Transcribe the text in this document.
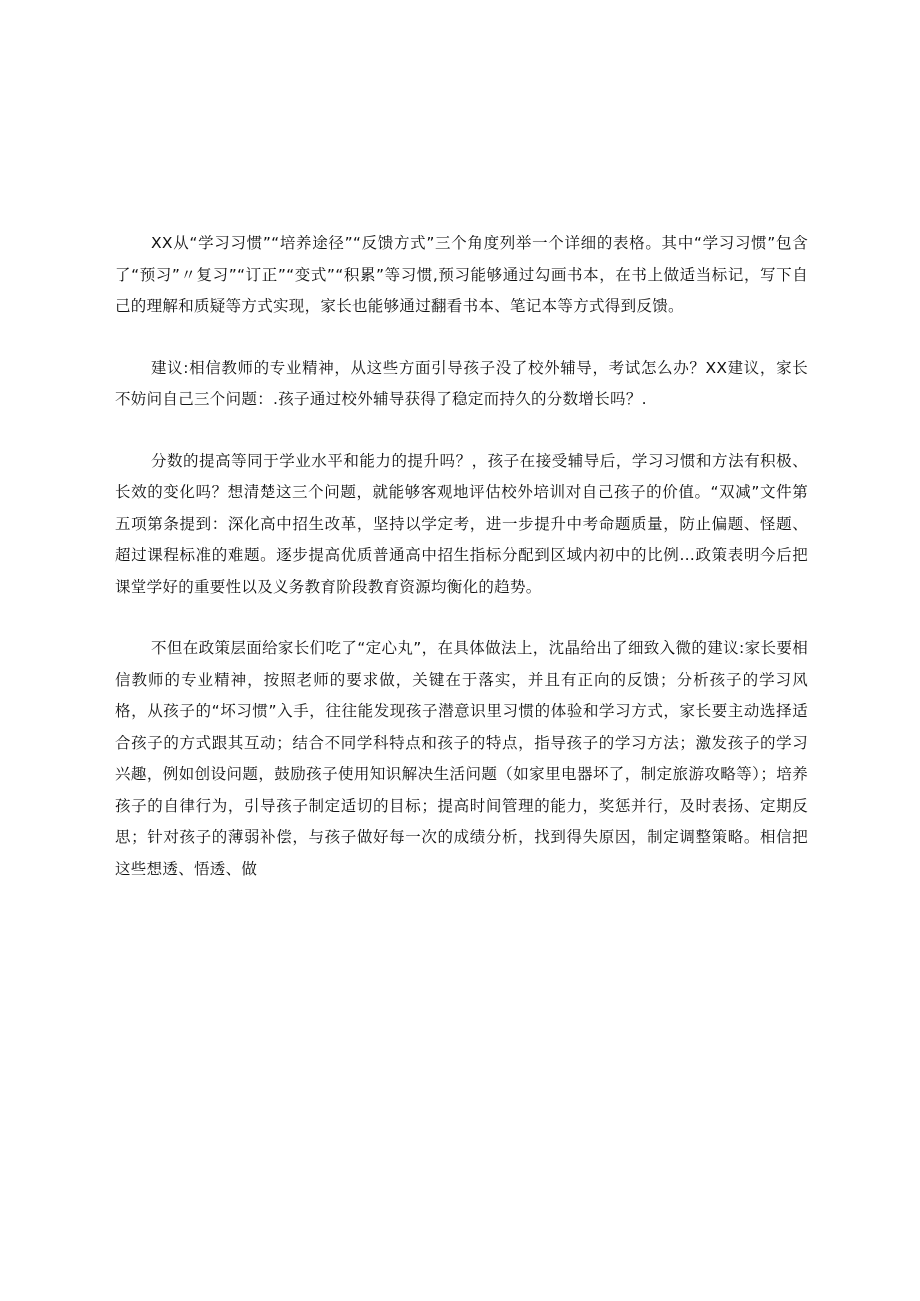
XX从“学习习惯”“培养途径”“反馈方式”三个角度列举一个详细的表格。其中“学习习惯”包含了“预习”〃复习”“订正”“变式”“积累”等习惯,预习能够通过勾画书本，在书上做适当标记，写下自己的理解和质疑等方式实现，家长也能够通过翻看书本、笔记本等方式得到反馈。

建议:相信教师的专业精神，从这些方面引导孩子没了校外辅导，考试怎么办？XX建议，家长不妨问自己三个问题：.孩子通过校外辅导获得了稳定而持久的分数增长吗？.

分数的提高等同于学业水平和能力的提升吗？，孩子在接受辅导后，学习习惯和方法有积极、长效的变化吗？想清楚这三个问题，就能够客观地评估校外培训对自己孩子的价值。“双减”文件第五项第条提到：深化高中招生改革，坚持以学定考，进一步提升中考命题质量，防止偏题、怪题、超过课程标准的难题。逐步提高优质普通高中招生指标分配到区域内初中的比例…政策表明今后把课堂学好的重要性以及义务教育阶段教育资源均衡化的趋势。

不但在政策层面给家长们吃了“定心丸”，在具体做法上，沈晶给出了细致入微的建议:家长要相信教师的专业精神，按照老师的要求做，关键在于落实，并且有正向的反馈；分析孩子的学习风格，从孩子的“坏习惯”入手，往往能发现孩子潜意识里习惯的体验和学习方式，家长要主动选择适合孩子的方式跟其互动；结合不同学科特点和孩子的特点，指导孩子的学习方法；激发孩子的学习兴趣，例如创设问题，鼓励孩子使用知识解决生活问题（如家里电器坏了，制定旅游攻略等）；培养孩子的自律行为，引导孩子制定适切的目标；提高时间管理的能力，奖惩并行，及时表扬、定期反思；针对孩子的薄弱补偿，与孩子做好每一次的成绩分析，找到得失原因，制定调整策略。相信把这些想透、悟透、做
